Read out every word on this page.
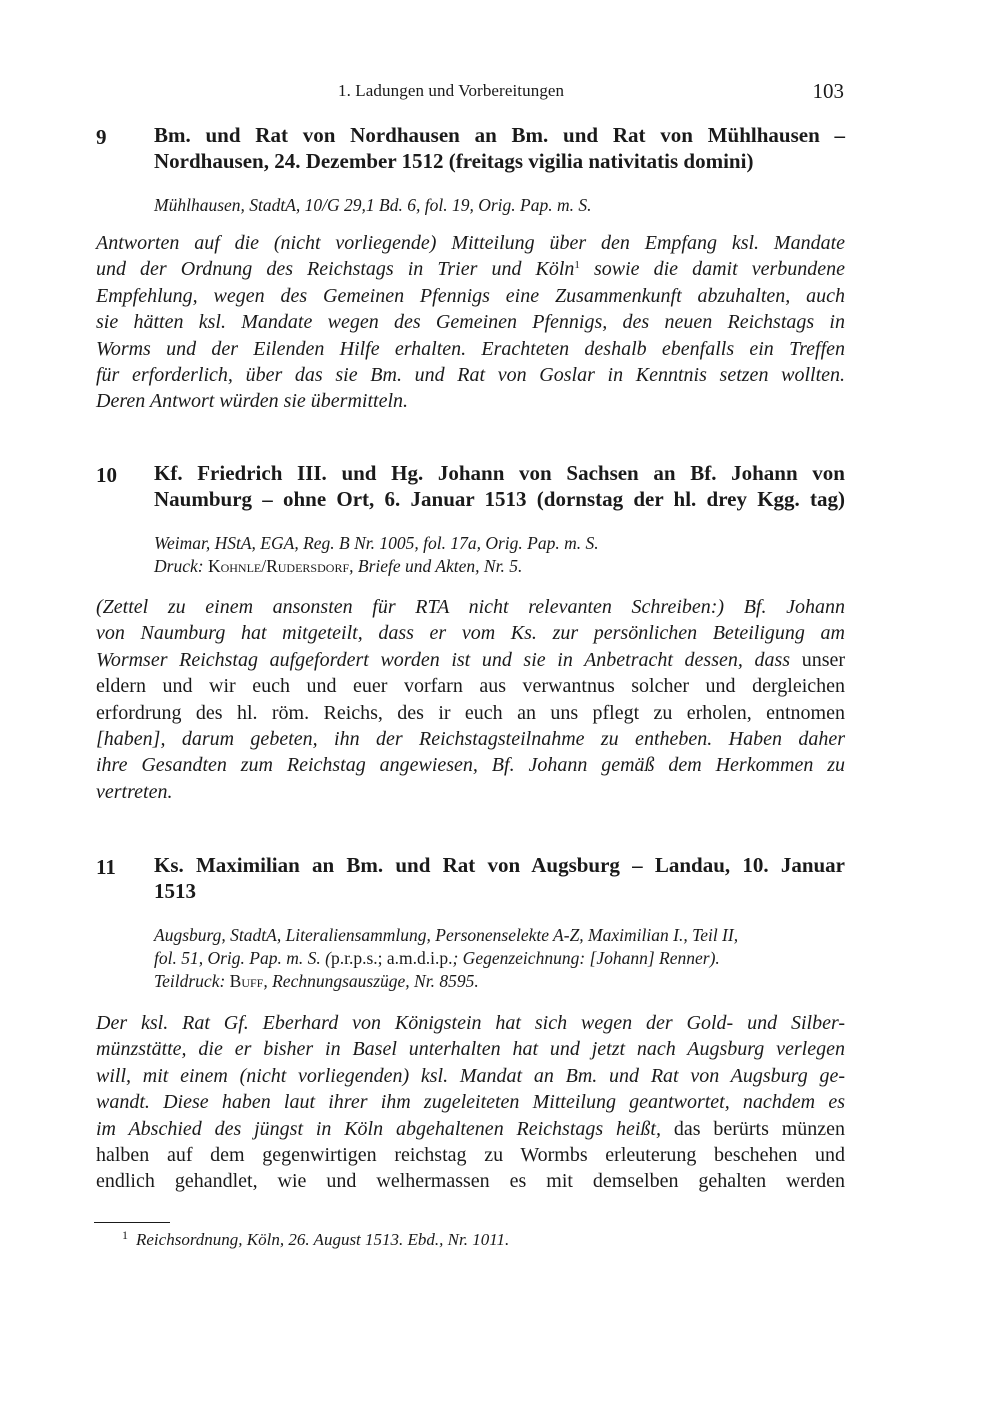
1. Ladungen und Vorbereitungen	103
9 Bm. und Rat von Nordhausen an Bm. und Rat von Mühlhausen –
Nordhausen, 24. Dezember 1512 (freitags vigilia nativitatis domini)
Mühlhausen, StadtA, 10/G 29,1 Bd. 6, fol. 19, Orig. Pap. m. S.
Antworten auf die (nicht vorliegende) Mitteilung über den Empfang ksl. Mandate
und der Ordnung des Reichstags in Trier und Köln$^1$ sowie die damit verbundene
Empfehlung, wegen des Gemeinen Pfennigs eine Zusammenkunft abzuhalten, auch
sie hätten ksl. Mandate wegen des Gemeinen Pfennigs, des neuen Reichstags in
Worms und der Eilenden Hilfe erhalten. Erachteten deshalb ebenfalls ein Treffen
für erforderlich, über das sie Bm. und Rat von Goslar in Kenntnis setzen wollten.
Deren Antwort würden sie übermitteln.
10 Kf. Friedrich III. und Hg. Johann von Sachsen an Bf. Johann von
Naumburg – ohne Ort, 6. Januar 1513 (dornstag der hl. drey Kgg. tag)
Weimar, HStA, EGA, Reg. B Nr. 1005, fol. 17a, Orig. Pap. m. S.
Druck: Kohnle/Rudersdorf, Briefe und Akten, Nr. 5.
(Zettel zu einem ansonsten für RTA nicht relevanten Schreiben:) Bf. Johann
von Naumburg hat mitgeteilt, dass er vom Ks. zur persönlichen Beteiligung am
Wormser Reichstag aufgefordert worden ist und sie in Anbetracht dessen, dass unser
eldern und wir euch und euer vorfarn aus verwantnus solcher und dergleichen
erfordrung des hl. röm. Reichs, des ir euch an uns pflegt zu erholen, entnomen
[haben], darum gebeten, ihn der Reichstagsteilnahme zu entheben. Haben daher
ihre Gesandten zum Reichstag angewiesen, Bf. Johann gemäß dem Herkommen zu
vertreten.
11 Ks. Maximilian an Bm. und Rat von Augsburg – Landau, 10. Januar
1513
Augsburg, StadtA, Literaliensammlung, Personenselekte A-Z, Maximilian I., Teil II,
fol. 51, Orig. Pap. m. S. (p.r.p.s.; a.m.d.i.p.; Gegenzeichnung: [Johann] Renner).
Teildruck: Buff, Rechnungsauszüge, Nr. 8595.
Der ksl. Rat Gf. Eberhard von Königstein hat sich wegen der Gold- und Silber-
münzstätte, die er bisher in Basel unterhalten hat und jetzt nach Augsburg verlegen
will, mit einem (nicht vorliegenden) ksl. Mandat an Bm. und Rat von Augsburg ge-
wandt. Diese haben laut ihrer ihm zugeleiteten Mitteilung geantwortet, nachdem es
im Abschied des jüngst in Köln abgehaltenen Reichstags heißt, das berürts münzen
halben auf dem gegenwirtigen reichstag zu Wormbs erleuterung beschehen und
endlich gehandlet, wie und welhermassen es mit demselben gehalten werden
$^1$ Reichsordnung, Köln, 26. August 1513. Ebd., Nr. 1011.
